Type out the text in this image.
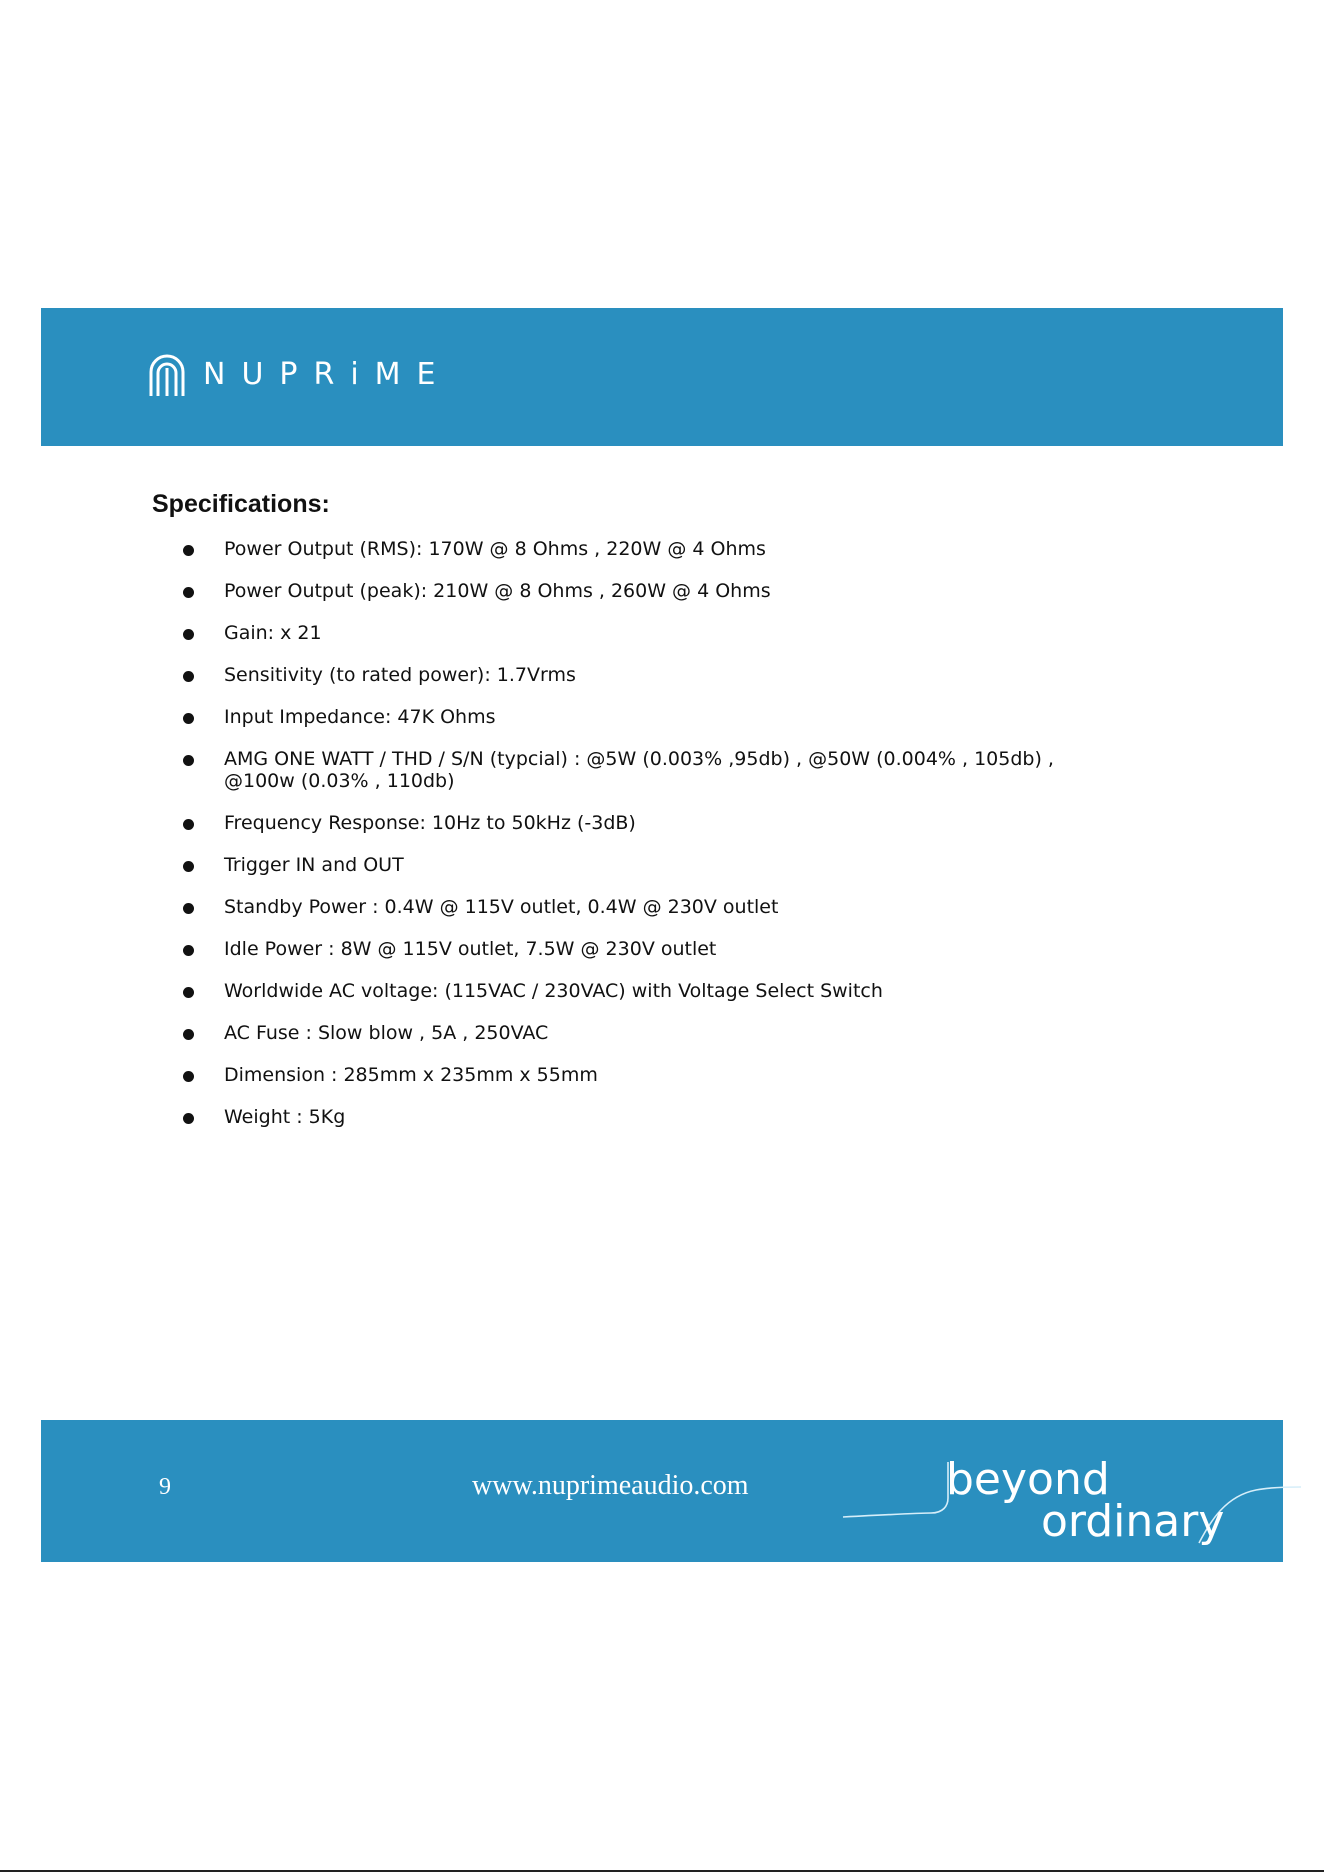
NUPRiME
Specifications:
Power Output (RMS): 170W @ 8 Ohms , 220W @ 4 Ohms
Power Output (peak): 210W @ 8 Ohms , 260W @ 4 Ohms
Gain: x 21
Sensitivity (to rated power): 1.7Vrms
Input Impedance: 47K Ohms
AMG ONE WATT / THD / S/N (typcial) : @5W (0.003% ,95db) , @50W (0.004% , 105db) , @100w (0.03% , 110db)
Frequency Response: 10Hz to 50kHz (-3dB)
Trigger IN and OUT
Standby Power : 0.4W @ 115V outlet, 0.4W @ 230V outlet
Idle Power : 8W @ 115V outlet, 7.5W @ 230V outlet
Worldwide AC voltage: (115VAC / 230VAC) with Voltage Select Switch
AC Fuse : Slow blow , 5A , 250VAC
Dimension : 285mm x 235mm x 55mm
Weight : 5Kg
9	www.nuprimeaudio.com	beyond
ordinary
